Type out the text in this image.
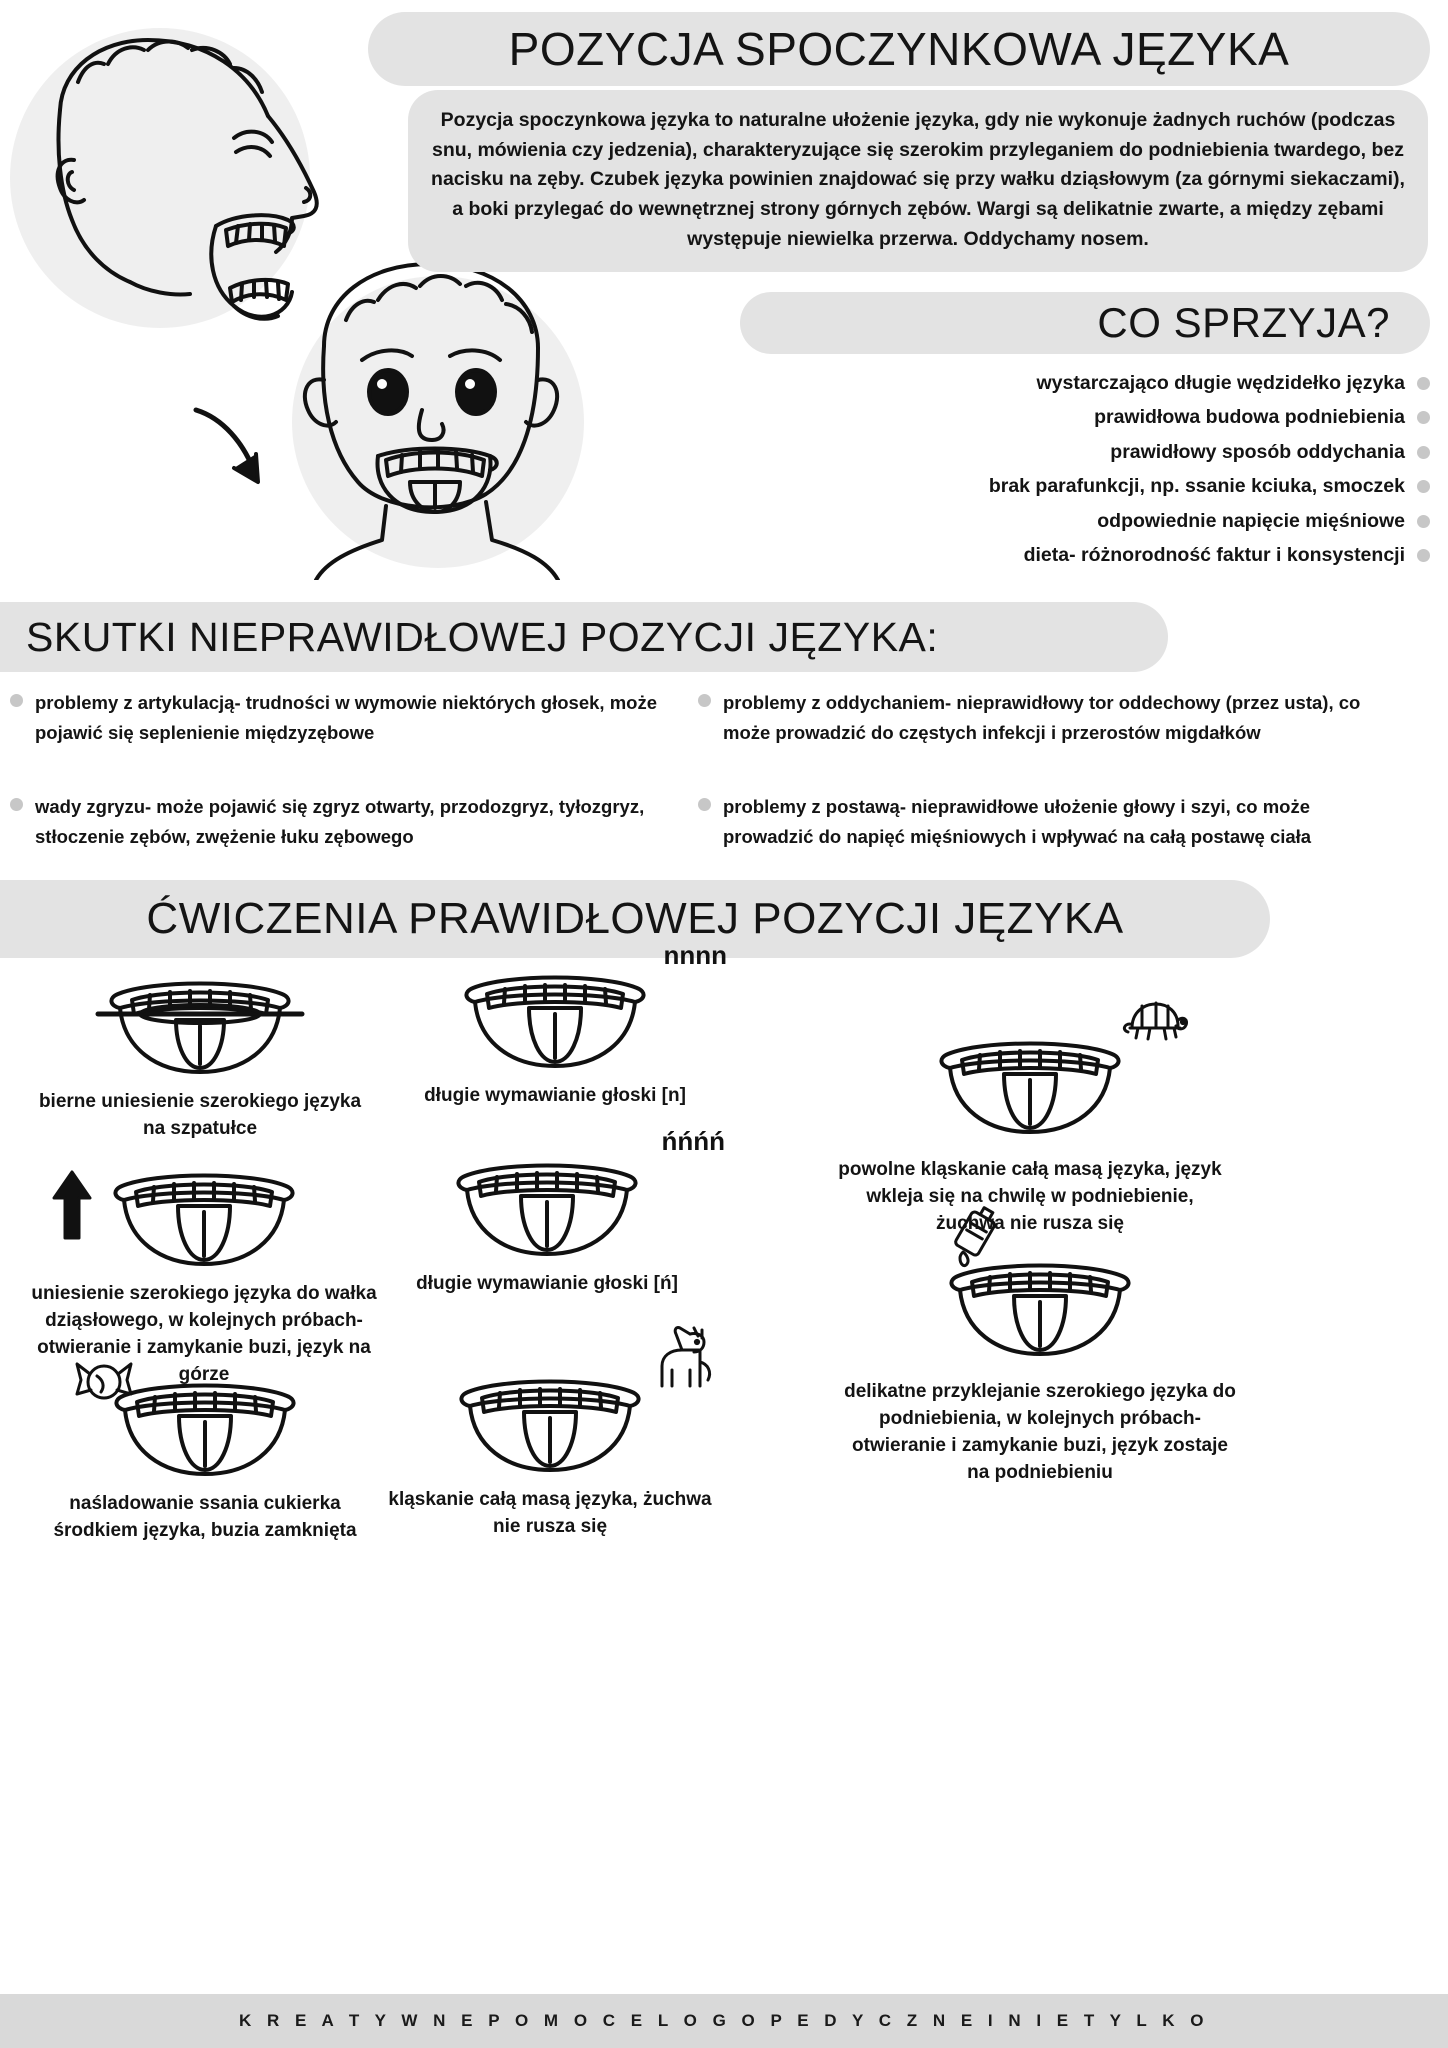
POZYCJA SPOCZYNKOWA JĘZYKA

Pozycja spoczynkowa języka to naturalne ułożenie języka, gdy nie wykonuje żadnych ruchów (podczas snu, mówienia czy jedzenia), charakteryzujące się szerokim przyleganiem do podniebienia twardego, bez nacisku na zęby. Czubek języka powinien znajdować się przy wałku dziąsłowym (za górnymi siekaczami), a boki przylegać do wewnętrznej strony górnych zębów. Wargi są delikatnie zwarte, a między zębami występuje niewielka przerwa. Oddychamy nosem.

CO SPRZYJA?
wystarczająco długie wędzidełko języka
prawidłowa budowa podniebienia
prawidłowy sposób oddychania
brak parafunkcji, np. ssanie kciuka, smoczek
odpowiednie napięcie mięśniowe
dieta- różnorodność faktur i konsystencji
SKUTKI NIEPRAWIDŁOWEJ POZYCJI JĘZYKA:

problemy z artykulacją- trudności w wymowie niektórych głosek, może pojawić się seplenienie międzyzębowe

problemy z oddychaniem- nieprawidłowy tor oddechowy (przez usta), co może prowadzić do częstych infekcji i przerostów migdałków

wady zgryzu- może pojawić się zgryz otwarty, przodozgryz, tyłozgryz, stłoczenie zębów, zwężenie łuku zębowego

problemy z postawą- nieprawidłowe ułożenie głowy i szyi, co może prowadzić do napięć mięśniowych i wpływać na całą postawę ciała

ĆWICZENIA PRAWIDŁOWEJ POZYCJI JĘZYKA
bierne uniesienie szerokiego języka na szpatułce
nnnn
długie wymawianie głoski [n]
powolne kląskanie całą masą języka, język wkleja się na chwilę w podniebienie, żuchwa nie rusza się
uniesienie szerokiego języka do wałka dziąsłowego, w kolejnych próbach- otwieranie i zamykanie buzi, język na górze
ńńńń
długie wymawianie głoski [ń]
delikatne przyklejanie szerokiego języka do podniebienia, w kolejnych próbach- otwieranie i zamykanie buzi, język zostaje na podniebieniu
naśladowanie ssania cukierka środkiem języka, buzia zamknięta
kląskanie całą masą języka, żuchwa nie rusza się
K R E A T Y W N E P O M O C E L O G O P E D Y C Z N E I N I E T Y L K O
